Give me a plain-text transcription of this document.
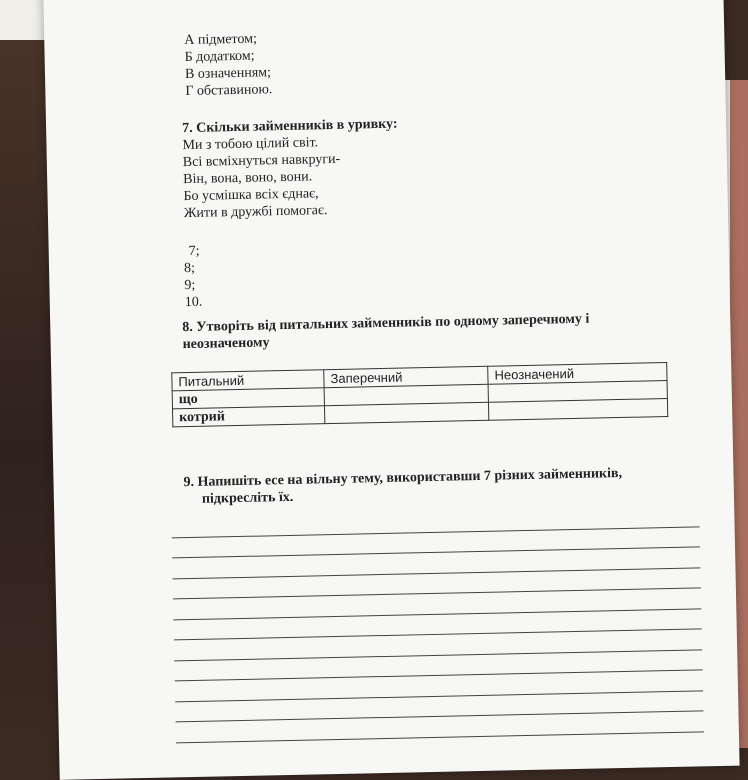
А підметом;
Б додатком;
В означенням;
Г обставиною.
7. Скільки займенників в уривку:
Ми з тобою цілий світ.
Всі всміхнуться навкруги-
Він, вона, воно, вони.
Бо усмішка всіх єднає,
Жити в дружбі помогає.
7;
8;
9;
10.
8. Утворіть від питальних займенників по одному заперечному і
неозначеному
Питальний	Заперечний	Неозначений
що		
котрий		
9. Напишіть есе на вільну тему, використавши 7 різних займенників,
підкресліть їх.
